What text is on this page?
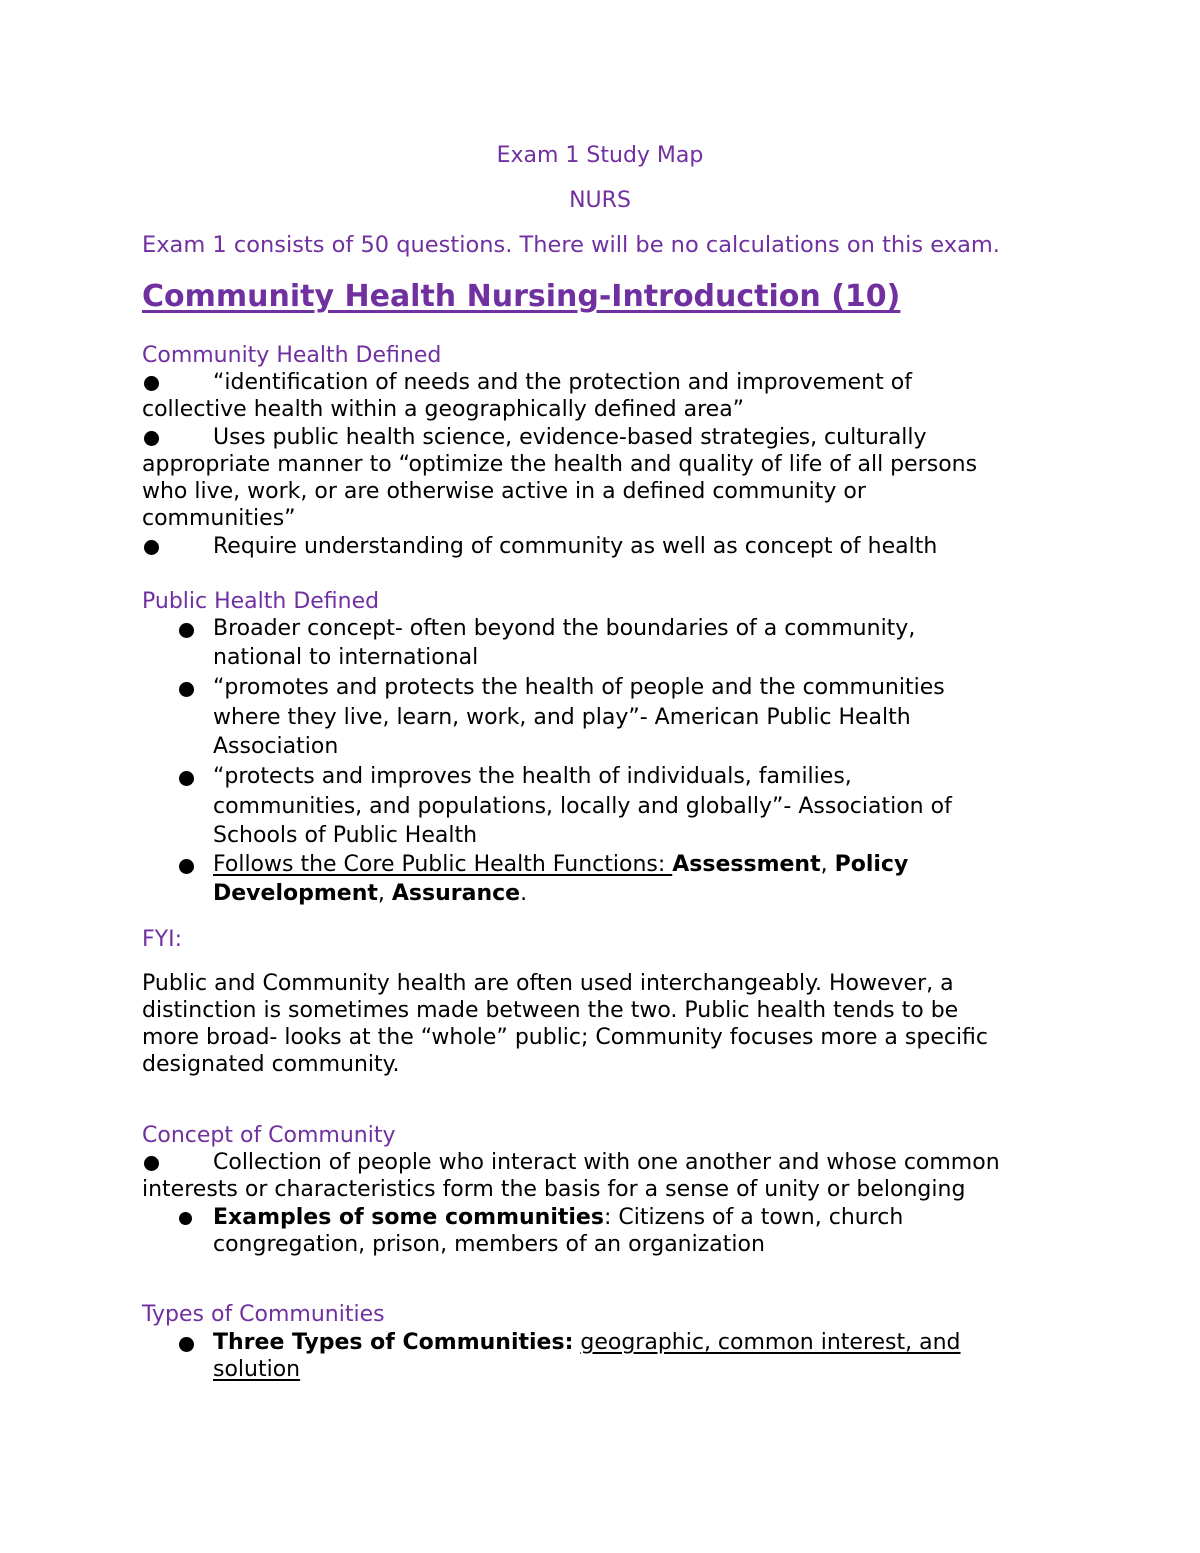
Exam 1 Study Map
NURS
Exam 1 consists of 50 questions. There will be no calculations on this exam.
Community Health Nursing-Introduction (10)
Community Health Defined
“identification of needs and the protection and improvement of
collective health within a geographically defined area”
Uses public health science, evidence-based strategies, culturally
appropriate manner to “optimize the health and quality of life of all persons
who live, work, or are otherwise active in a defined community or
communities”
Require understanding of community as well as concept of health
Public Health Defined
Broader concept- often beyond the boundaries of a community,
national to international
“promotes and protects the health of people and the communities
where they live, learn, work, and play”- American Public Health
Association
“protects and improves the health of individuals, families,
communities, and populations, locally and globally”- Association of
Schools of Public Health
Follows the Core Public Health Functions: Assessment, Policy
Development, Assurance.
FYI:
Public and Community health are often used interchangeably. However, a
distinction is sometimes made between the two. Public health tends to be
more broad- looks at the “whole” public; Community focuses more a specific
designated community.
Concept of Community
Collection of people who interact with one another and whose common
interests or characteristics form the basis for a sense of unity or belonging
Examples of some communities: Citizens of a town, church
congregation, prison, members of an organization
Types of Communities
Three Types of Communities: geographic, common interest, and
solution
